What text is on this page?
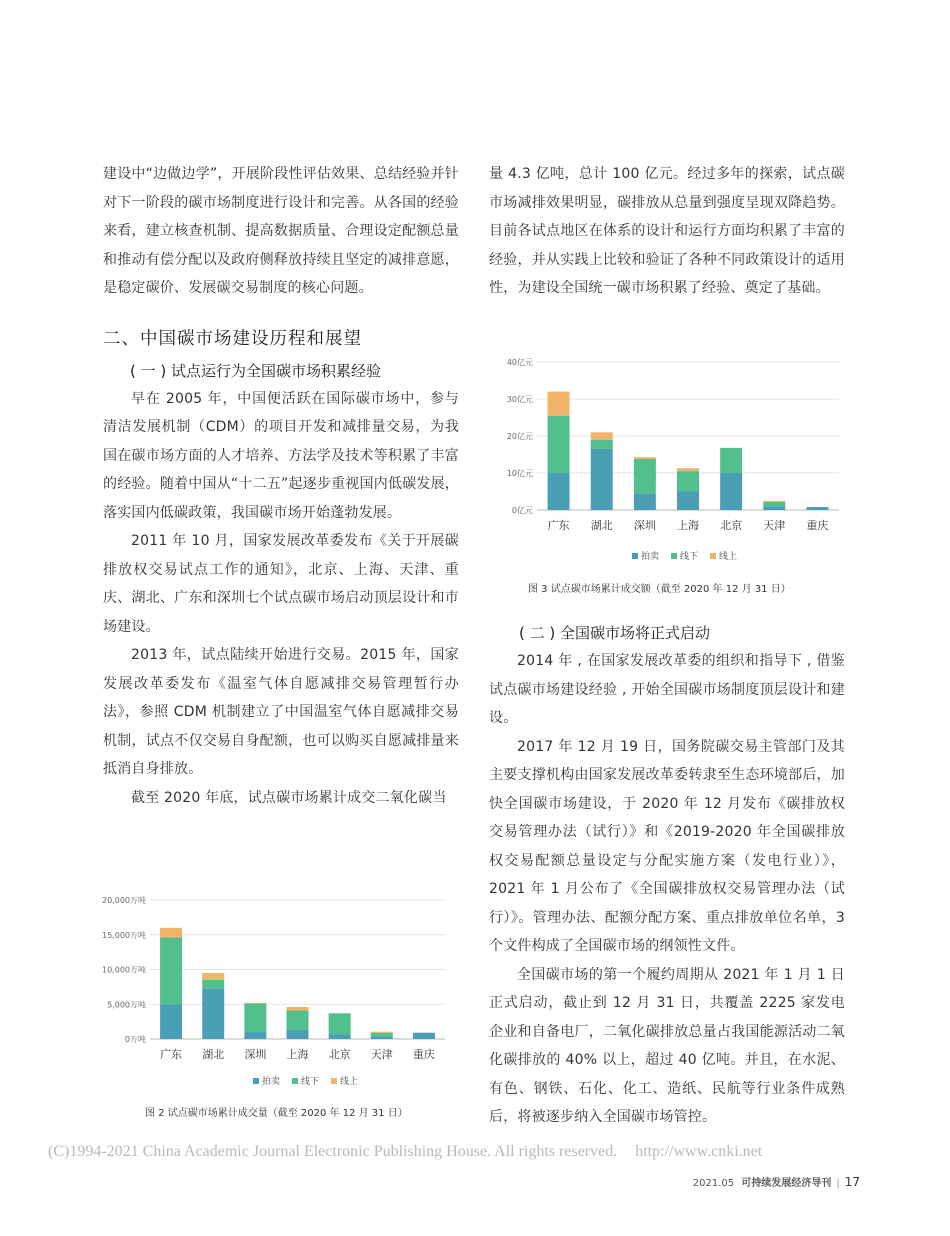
建设中“边做边学”，开展阶段性评估效果、总结经验并针对下一阶段的碳市场制度进行设计和完善。从各国的经验来看，建立核查机制、提高数据质量、合理设定配额总量和推动有偿分配以及政府侧释放持续且坚定的减排意愿，是稳定碳价、发展碳交易制度的核心问题。

二、中国碳市场建设历程和展望
( 一 ) 试点运行为全国碳市场积累经验

早在 2005 年，中国便活跃在国际碳市场中，参与清洁发展机制（CDM）的项目开发和减排量交易，为我国在碳市场方面的人才培养、方法学及技术等积累了丰富的经验。随着中国从“十二五”起逐步重视国内低碳发展，落实国内低碳政策，我国碳市场开始蓬勃发展。

2011 年 10 月，国家发展改革委发布《关于开展碳排放权交易试点工作的通知》，北京、上海、天津、重庆、湖北、广东和深圳七个试点碳市场启动顶层设计和市场建设。

2013 年，试点陆续开始进行交易。2015 年，国家发展改革委发布《温室气体自愿减排交易管理暂行办法》，参照 CDM 机制建立了中国温室气体自愿减排交易机制，试点不仅交易自身配额，也可以购买自愿减排量来抵消自身排放。

截至 2020 年底，试点碳市场累计成交二氧化碳当

量 4.3 亿吨，总计 100 亿元。经过多年的探索，试点碳市场减排效果明显，碳排放从总量到强度呈现双降趋势。目前各试点地区在体系的设计和运行方面均积累了丰富的经验，并从实践上比较和验证了各种不同政策设计的适用性，为建设全国统一碳市场积累了经验、奠定了基础。

( 二 ) 全国碳市场将正式启动

2014 年 , 在国家发展改革委的组织和指导下 , 借鉴试点碳市场建设经验 , 开始全国碳市场制度顶层设计和建设。

2017 年 12 月 19 日，国务院碳交易主管部门及其主要支撑机构由国家发展改革委转隶至生态环境部后，加快全国碳市场建设，于 2020 年 12 月发布《碳排放权交易管理办法（试行）》和《2019-2020 年全国碳排放权交易配额总量设定与分配实施方案（发电行业）》，2021 年 1 月公布了《全国碳排放权交易管理办法（试行）》。管理办法、配额分配方案、重点排放单位名单，3 个文件构成了全国碳市场的纲领性文件。

全国碳市场的第一个履约周期从 2021 年 1 月 1 日正式启动，截止到 12 月 31 日，共覆盖 2225 家发电企业和自备电厂，二氧化碳排放总量占我国能源活动二氧化碳排放的 40% 以上，超过 40 亿吨。并且，在水泥、有色、钢铁、石化、化工、造纸、民航等行业条件成熟后，将被逐步纳入全国碳市场管控。

0亿元
10亿元
20亿元
30亿元
40亿元
广东 湖北 深圳 上海 北京 天津 重庆
拍卖 线下 线上
图 3 试点碳市场累计成交额（截至 2020 年 12 月 31 日）
0万吨
5,000万吨
10,000万吨
15,000万吨
20,000万吨
广东 湖北 深圳 上海 北京 天津 重庆
拍卖 线下 线上
图 2 试点碳市场累计成交量（截至 2020 年 12 月 31 日）
(C)1994-2021 China Academic Journal Electronic Publishing House. All rights reserved. http://www.cnki.net
2021.05 可持续发展经济导刊 | 17
